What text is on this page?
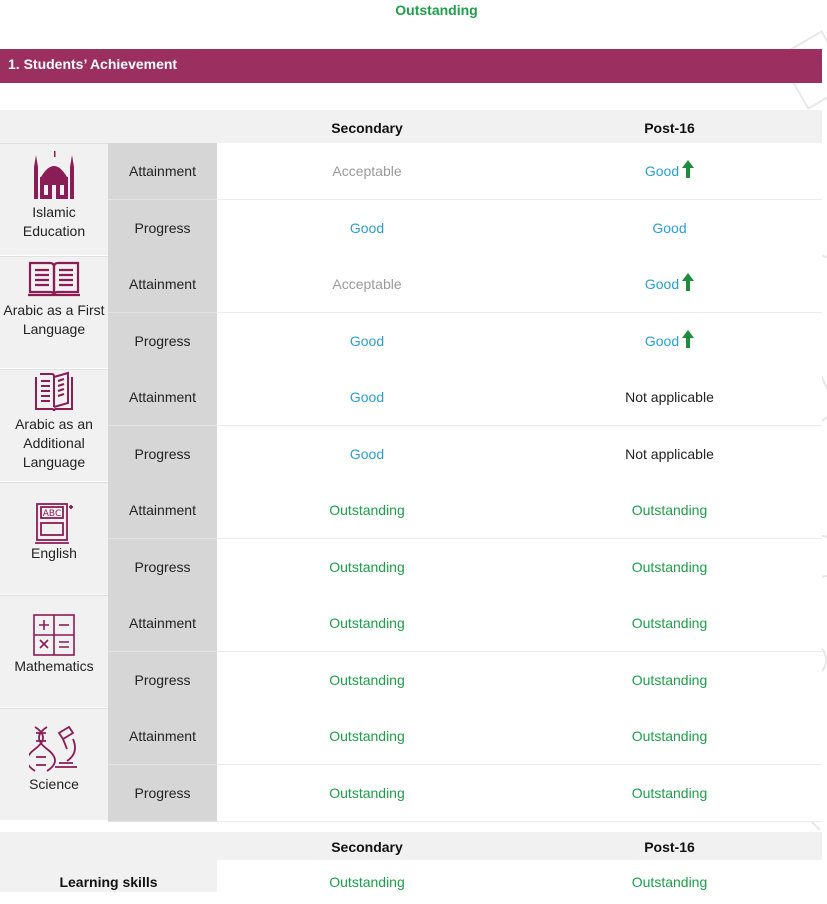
Outstanding
1. Students’ Achievement
Secondary	Post-16
Islamic Education
Attainment	Acceptable	Good
Progress	Good	Good
Arabic as a First Language
Attainment	Acceptable	Good
Progress	Good	Good
Arabic as an Additional Language
Attainment	Good	Not applicable
Progress	Good	Not applicable
ABC
English
Attainment	Outstanding	Outstanding
Progress	Outstanding	Outstanding
Mathematics
Attainment	Outstanding	Outstanding
Progress	Outstanding	Outstanding
Science
Attainment	Outstanding	Outstanding
Progress	Outstanding	Outstanding
Secondary	Post-16
Learning skills	Outstanding	Outstanding
